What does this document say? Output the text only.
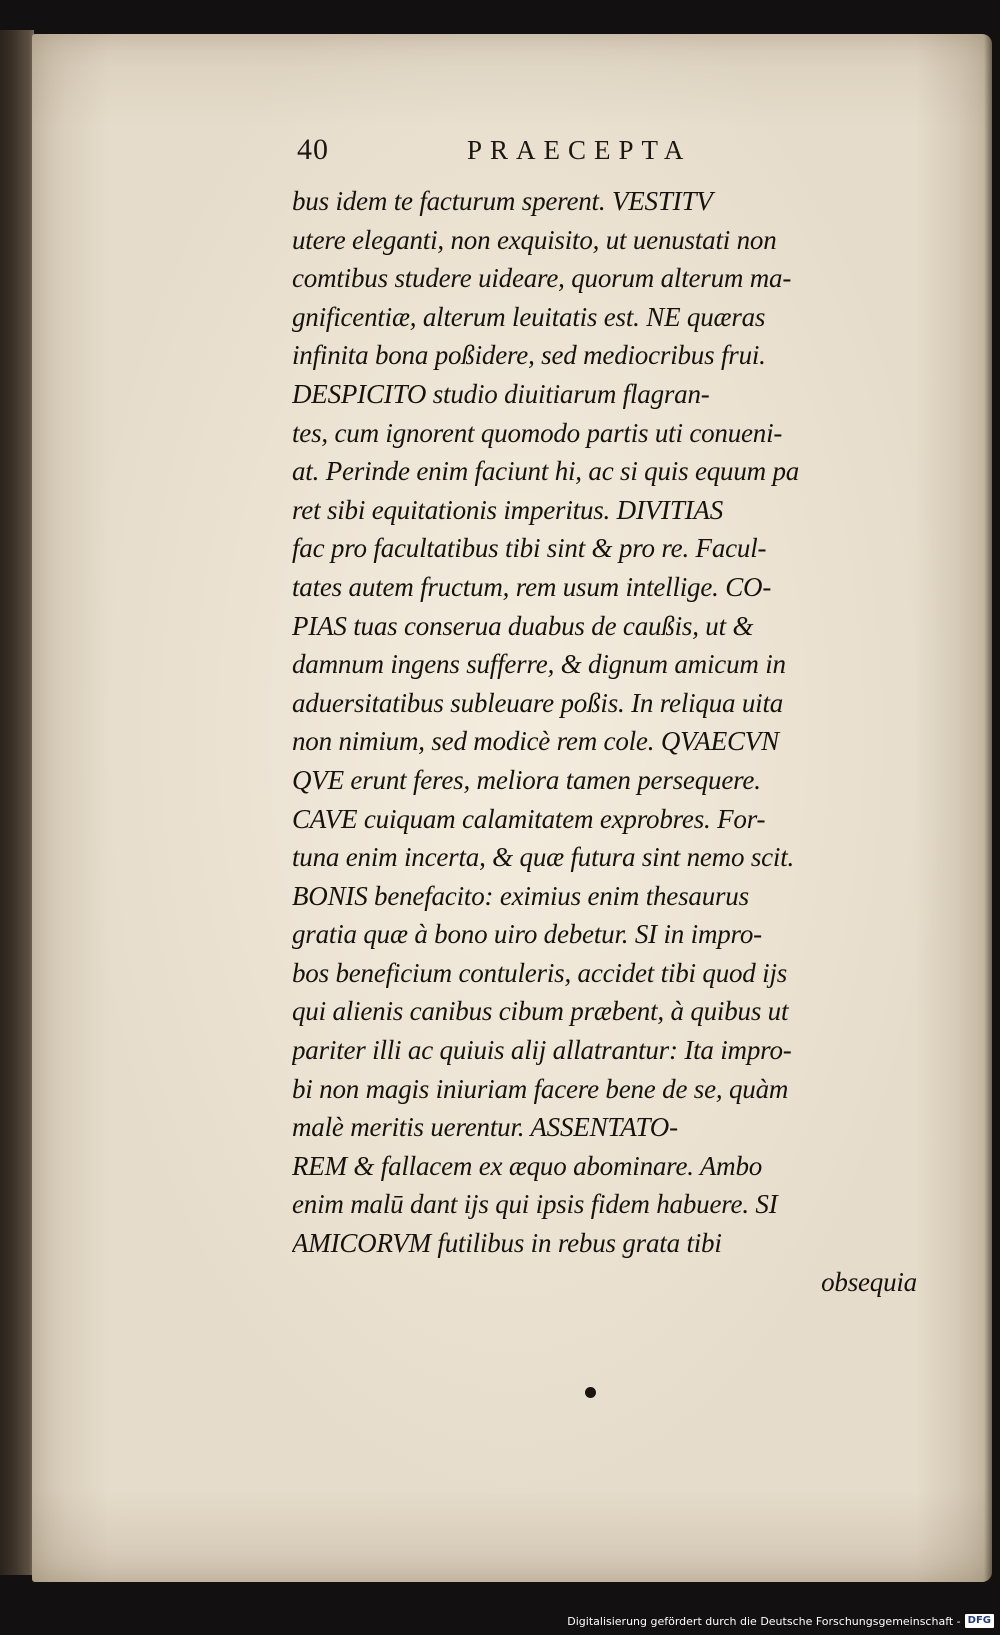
40	PRAECEPTA
bus idem te facturum sperent. VESTITV
utere eleganti, non exquisito, ut uenustati non
comtibus studere uideare, quorum alterum ma-
gnificentiæ, alterum leuitatis est. NE quæras
infinita bona poßidere, sed mediocribus frui.
DESPICITO studio diuitiarum flagran-
tes, cum ignorent quomodo partis uti conueni-
at. Perinde enim faciunt hi, ac si quis equum pa
ret sibi equitationis imperitus. DIVITIAS
fac pro facultatibus tibi sint & pro re. Facul-
tates autem fructum, rem usum intellige. CO-
PIAS tuas conserua duabus de caußis, ut &
damnum ingens sufferre, & dignum amicum in
aduersitatibus subleuare poßis. In reliqua uita
non nimium, sed modicè rem cole. QVAECVN
QVE erunt feres, meliora tamen persequere.
CAVE cuiquam calamitatem exprobres. For-
tuna enim incerta, & quæ futura sint nemo scit.
BONIS benefacito: eximius enim thesaurus
gratia quæ à bono uiro debetur. SI in impro-
bos beneficium contuleris, accidet tibi quod ijs
qui alienis canibus cibum præbent, à quibus ut
pariter illi ac quiuis alij allatrantur: Ita impro-
bi non magis iniuriam facere bene de se, quàm
malè meritis uerentur. ASSENTATO-
REM & fallacem ex æquo abominare. Ambo
enim malū dant ijs qui ipsis fidem habuere. SI
AMICORVM futilibus in rebus grata tibi
obsequia
Digitalisierung gefördert durch die Deutsche Forschungsgemeinschaft - DFG
